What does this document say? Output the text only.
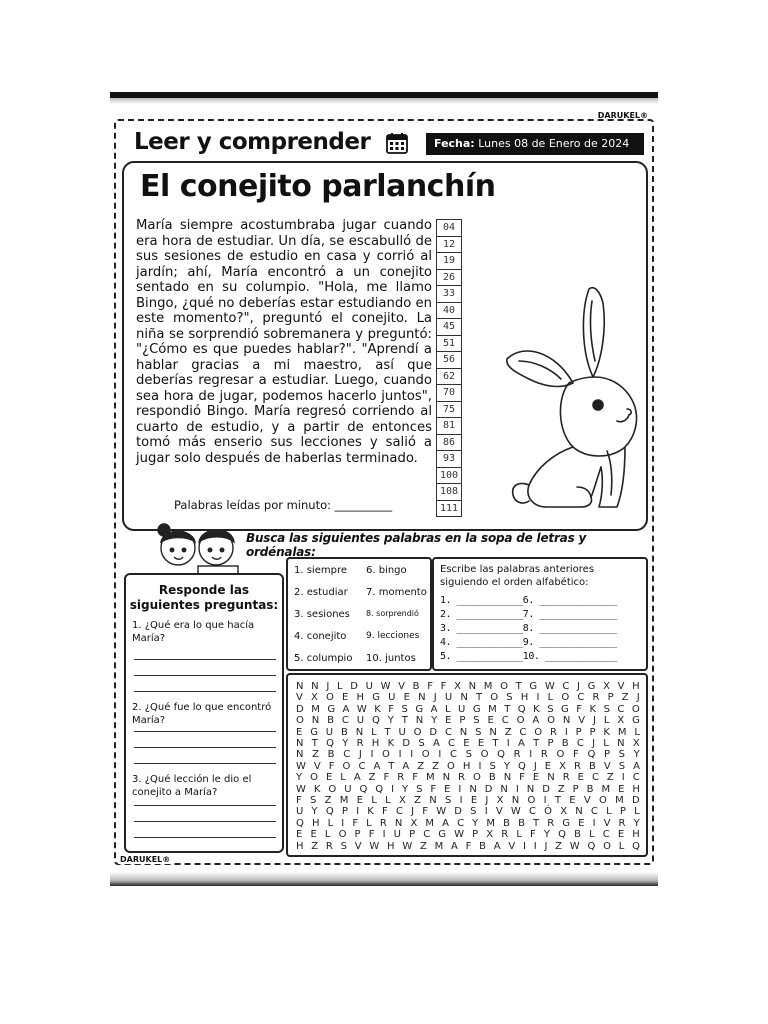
DARUKEL®
Leer y comprender	Fecha: Lunes 08 de Enero de 2024
El conejito parlanchín

María siempre acostumbraba jugar cuando era hora de estudiar. Un día, se escabulló de sus sesiones de estudio en casa y corrió al jardín; ahí, María encontró a un conejito sentado en su columpio. "Hola, me llamo Bingo, ¿qué no deberías estar estudiando en este momento?", preguntó el conejito. La niña se sorprendió sobremanera y preguntó: "¿Cómo es que puedes hablar?". "Aprendí a hablar gracias a mi maestro, así que deberías regresar a estudiar. Luego, cuando sea hora de jugar, podemos hacerlo juntos", respondió Bingo. María regresó corriendo al cuarto de estudio, y a partir de entonces tomó más enserio sus lecciones y salió a jugar solo después de haberlas terminado.

04
12
19
26
33
40
45
51
56
62
70
75
81
86
93
100
108
111
Palabras leídas por minuto: __________
Busca las siguientes palabras en la sopa de letras y ordénalas:
Responde las
siguientes preguntas:
1. ¿Qué era lo que hacía María?
2. ¿Qué fue lo que encontró María?
3. ¿Qué lección le dio el conejito a María?
1. siempre
2. estudiar
3. sesiones
4. conejito
5. columpio
6. bingo
7. momento
8. sorprendió
9. lecciones
10. juntos
Escribe las palabras anteriores siguiendo el orden alfabético:
1. ____________6. ______________
2. ____________7. ______________
3. ____________8. ______________
4. ____________9. ______________
5. ____________10. _____________
N N J L D U W V B F F X N M O T G W C J G X V H
V X O E H G U E N J U N T O S H I L O C R P Z J
D M G A W K F S G A L U G M T Q K S G F K S C O
O N B C U Q Y T N Y E P S E C O A O N V J L X G
E G U B N L T U O D C N S N Z C O R I P P K M L
N T Q Y R H K D S A C E E T I A T P B C J L N X
N Z B C J I O I I O I C S O Q R I R O F Q P S Y
W V F O C A T A Z Z O H I S Y Q J E X R B V S A
Y O E L A Z F R F M N R O B N F E N R E C Z I C
W K O U Q Q I Y S F E I N D N I N D Z P B M E H
F S Z M E L L X Z N S I E J X N O I T E V O M D
U Y Q P I K F C J F W D S I V W C Ó X N C L P L
Q H L I F L R N X M A C Y M B B T R G E I V R Y
E E L O P F I U P C G W P X R L F Y Q B L C E H
H Z R S V W H W Z M A F B A V I I J Z W Q O L Q
DARUKEL®
